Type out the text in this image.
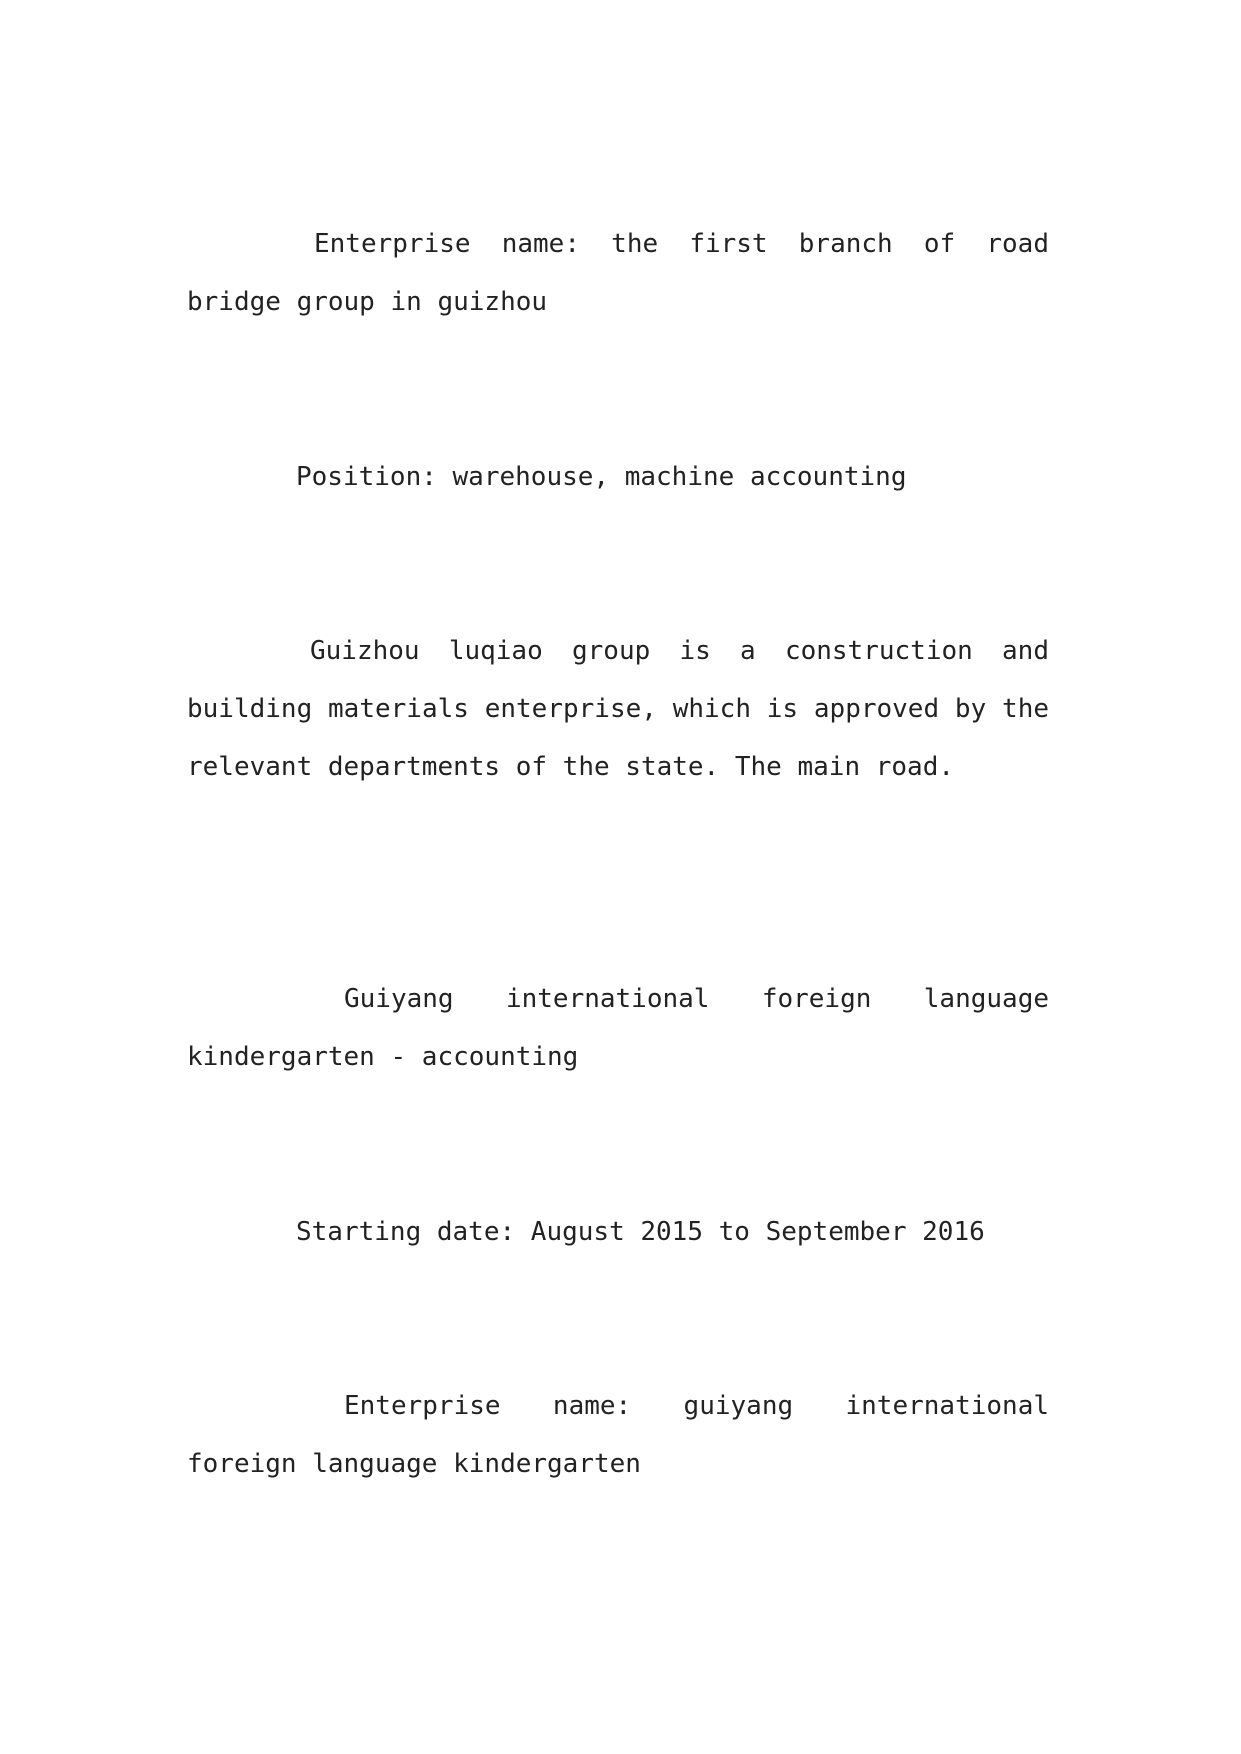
Enterprise name: the first branch of road bridge group in guizhou

Position: warehouse, machine accounting

Guizhou luqiao group is a construction and building materials enterprise, which is approved by the relevant departments of the state. The main road.

Guiyang international foreign language kindergarten - accounting

Starting date: August 2015 to September 2016

Enterprise name: guiyang international foreign language kindergarten
